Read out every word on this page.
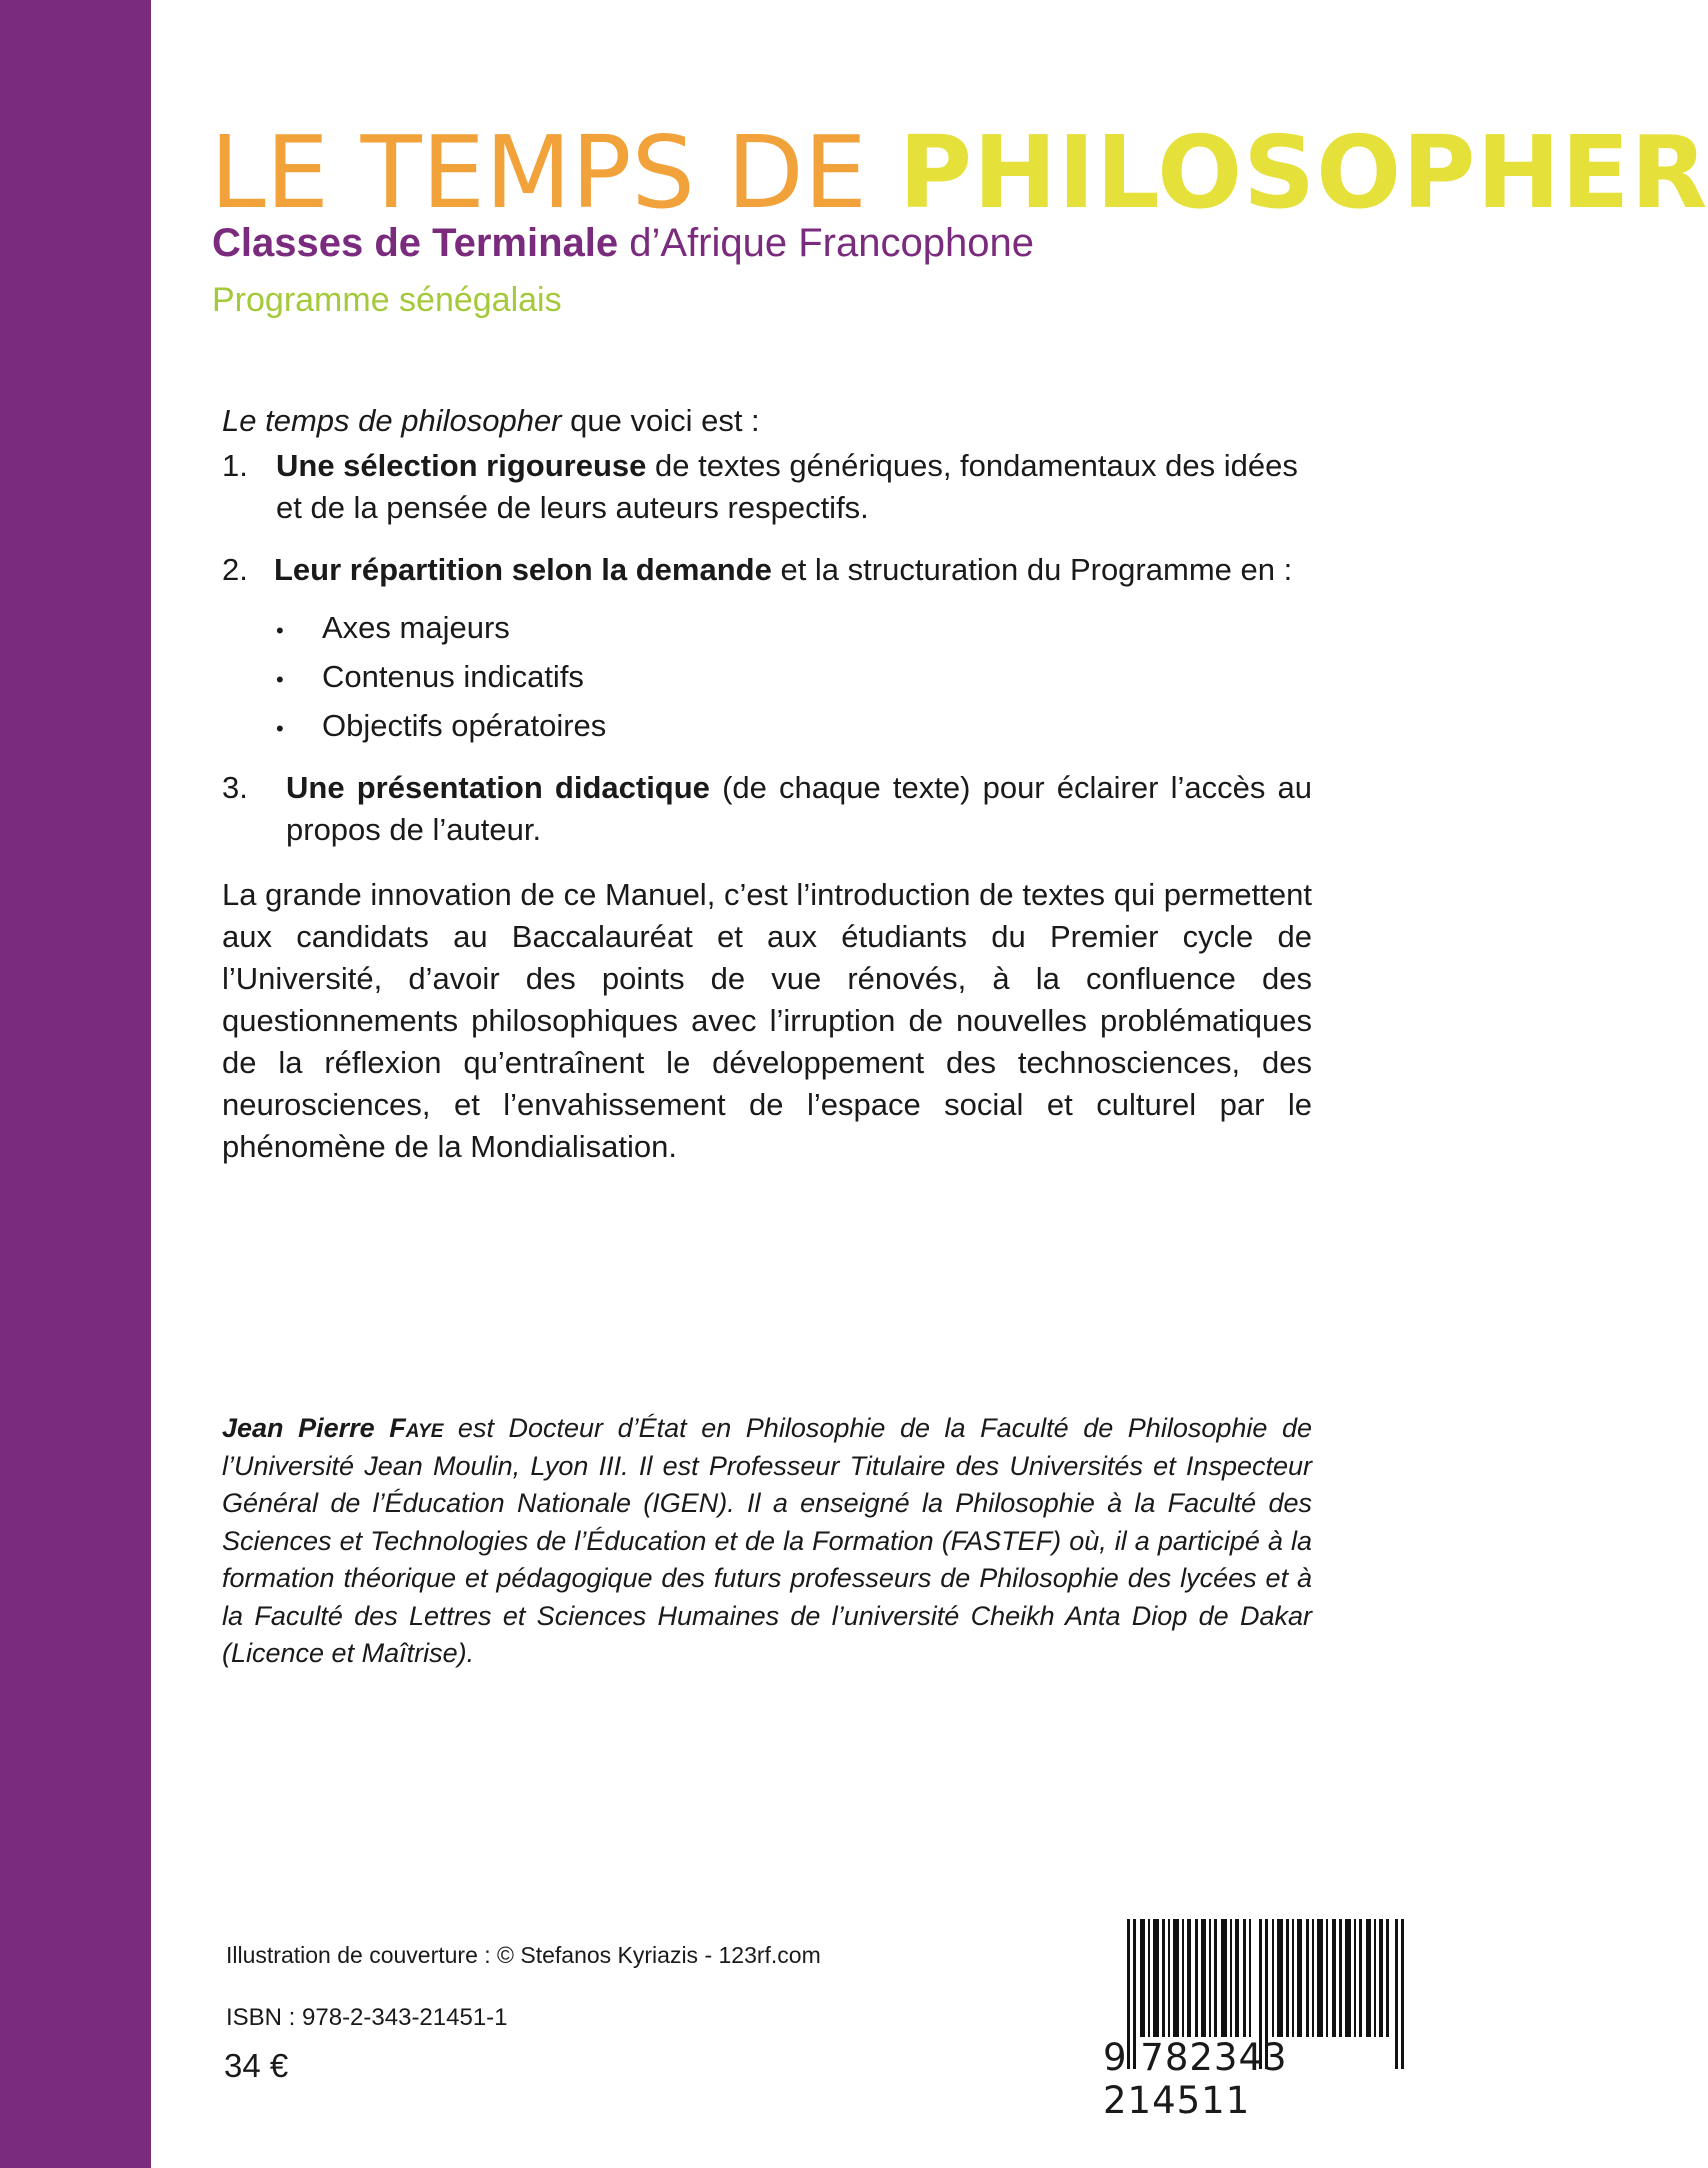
LE TEMPS DE PHILOSOPHER
Classes de Terminale d’Afrique Francophone
Programme sénégalais
Le temps de philosopher que voici est :
1. Une sélection rigoureuse de textes génériques, fondamentaux des idées et de la pensée de leurs auteurs respectifs.
2. Leur répartition selon la demande et la structuration du Programme en :
•	Axes majeurs
•	Contenus indicatifs
•	Objectifs opératoires
3. Une présentation didactique (de chaque texte) pour éclairer l’accès au propos de l’auteur.
La grande innovation de ce Manuel, c’est l’introduction de textes qui permettent aux candidats au Baccalauréat et aux étudiants du Premier cycle de l’Université, d’avoir des points de vue rénovés, à la confluence des questionnements philosophiques avec l’irruption de nouvelles problématiques de la réflexion qu’entraînent le développement des technosciences, des neurosciences, et l’envahissement de l’espace social et culturel par le phénomène de la Mondialisation.
Jean Pierre Faye est Docteur d’État en Philosophie de la Faculté de Philosophie de l’Université Jean Moulin, Lyon III. Il est Professeur Titulaire des Universités et Inspecteur Général de l’Éducation Nationale (IGEN). Il a enseigné la Philosophie à la Faculté des Sciences et Technologies de l’Éducation et de la Formation (FASTEF) où, il a participé à la formation théorique et pédagogique des futurs professeurs de Philosophie des lycées et à la Faculté des Lettres et Sciences Humaines de l’université Cheikh Anta Diop de Dakar (Licence et Maîtrise).
Illustration de couverture : © Stefanos Kyriazis - 123rf.com
ISBN : 978-2-343-21451-1
34 €	9 782343 214511
